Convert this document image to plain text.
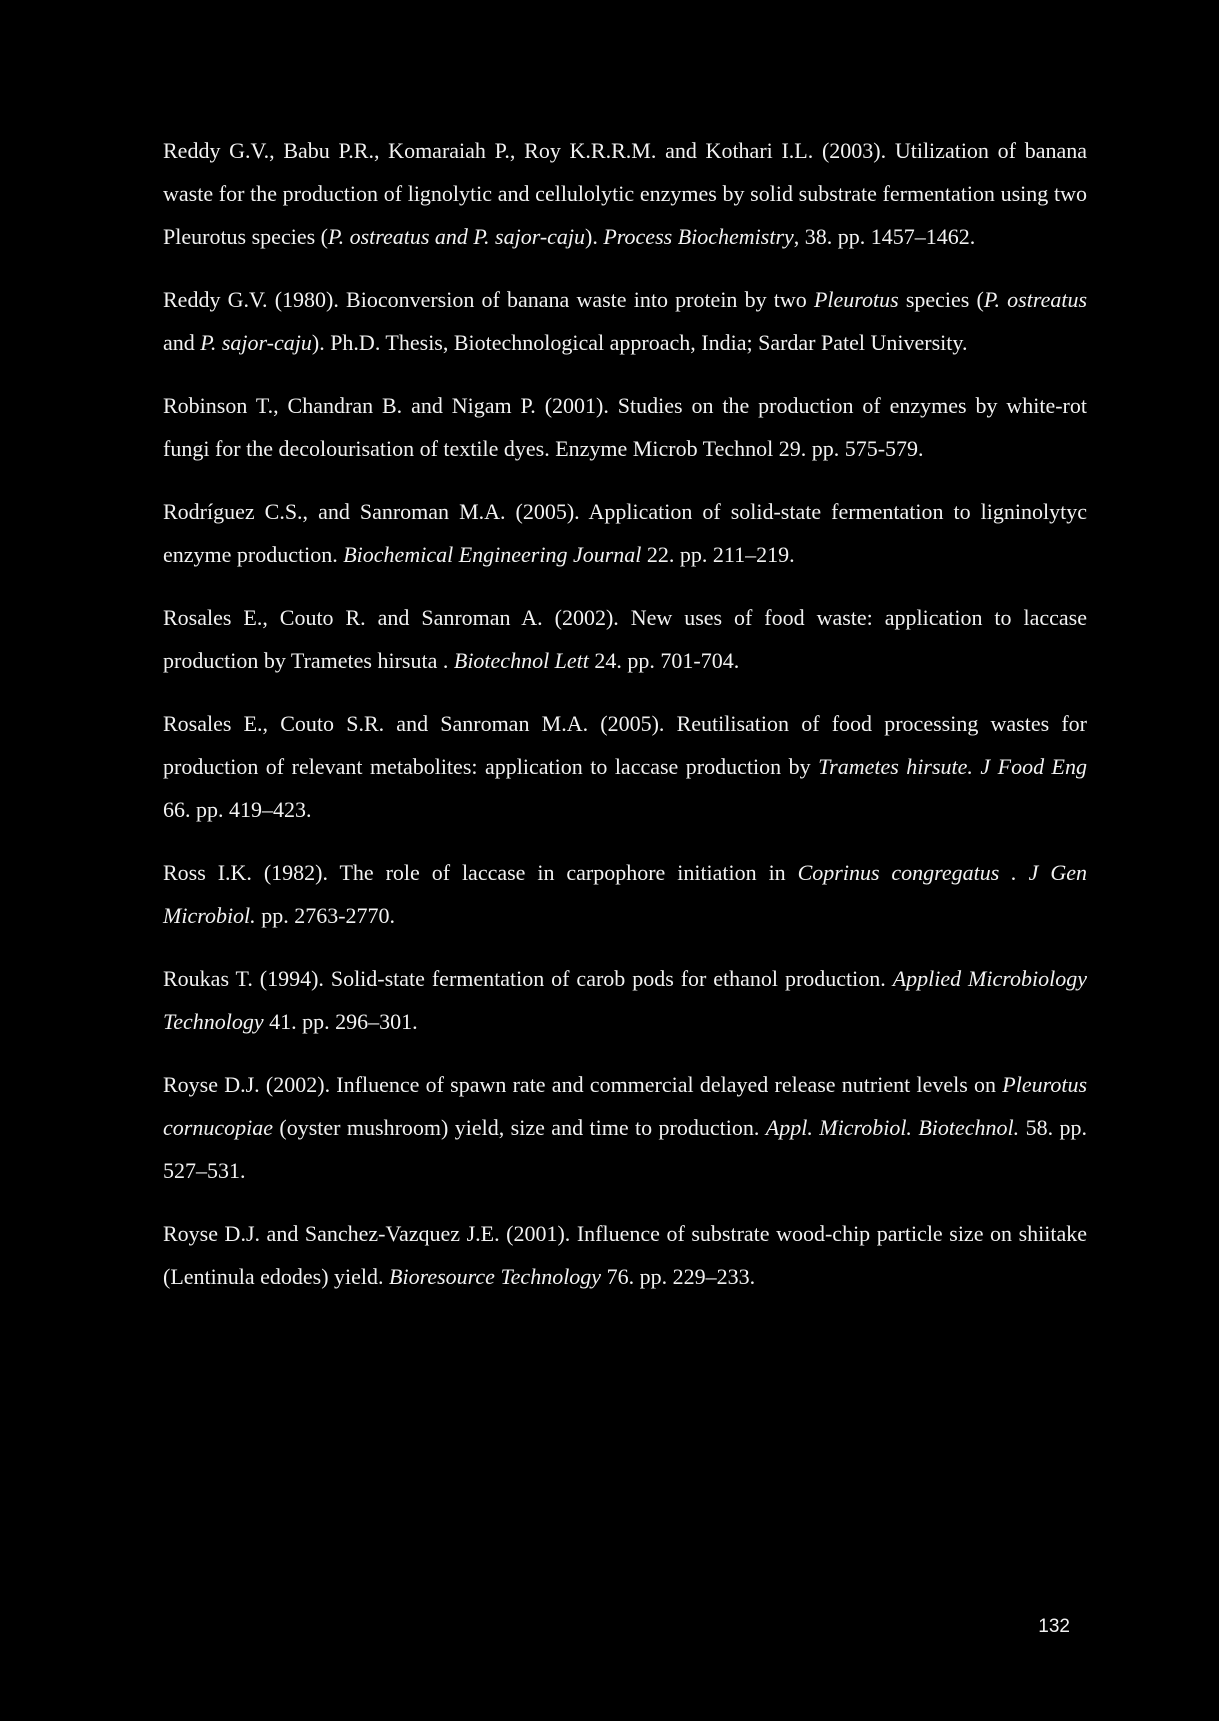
Reddy G.V., Babu P.R., Komaraiah P., Roy K.R.R.M. and Kothari I.L. (2003). Utilization of banana waste for the production of lignolytic and cellulolytic enzymes by solid substrate fermentation using two Pleurotus species (P. ostreatus and P. sajor-caju). Process Biochemistry, 38. pp. 1457–1462.

Reddy G.V. (1980). Bioconversion of banana waste into protein by two Pleurotus species (P. ostreatus and P. sajor-caju). Ph.D. Thesis, Biotechnological approach, India; Sardar Patel University.

Robinson T., Chandran B. and Nigam P. (2001). Studies on the production of enzymes by white-rot fungi for the decolourisation of textile dyes. Enzyme Microb Technol 29. pp. 575-579.

Rodríguez C.S., and Sanroman M.A. (2005). Application of solid-state fermentation to ligninolytyc enzyme production. Biochemical Engineering Journal 22. pp. 211–219.

Rosales E., Couto R. and Sanroman A. (2002). New uses of food waste: application to laccase production by Trametes hirsuta . Biotechnol Lett 24. pp. 701-704.

Rosales E., Couto S.R. and Sanroman M.A. (2005). Reutilisation of food processing wastes for production of relevant metabolites: application to laccase production by Trametes hirsute. J Food Eng 66. pp. 419–423.

Ross I.K. (1982). The role of laccase in carpophore initiation in Coprinus congregatus . J Gen Microbiol. pp. 2763-2770.

Roukas T. (1994). Solid-state fermentation of carob pods for ethanol production. Applied Microbiology Technology 41. pp. 296–301.

Royse D.J. (2002). Influence of spawn rate and commercial delayed release nutrient levels on Pleurotus cornucopiae (oyster mushroom) yield, size and time to production. Appl. Microbiol. Biotechnol. 58. pp. 527–531.

Royse D.J. and Sanchez-Vazquez J.E. (2001). Influence of substrate wood-chip particle size on shiitake (Lentinula edodes) yield. Bioresource Technology 76. pp. 229–233.

132
